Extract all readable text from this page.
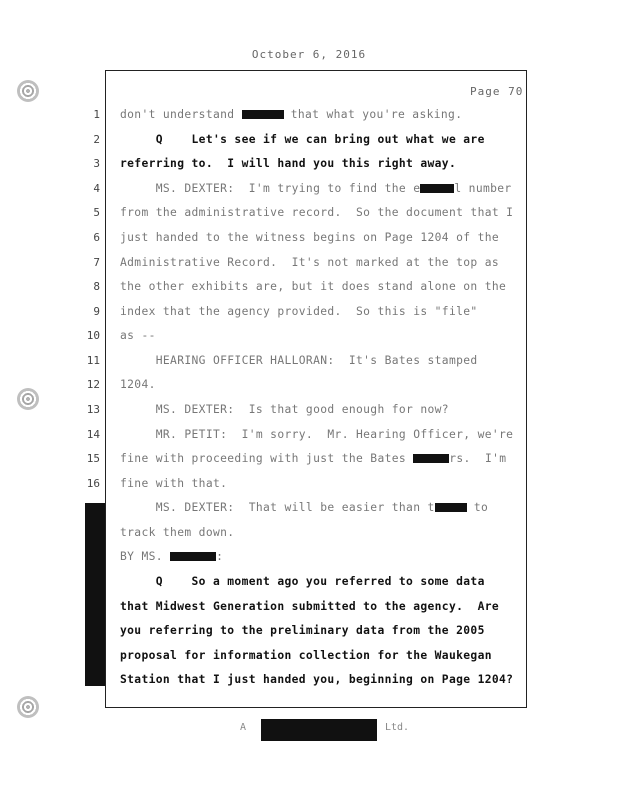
October 6, 2016
Page 70
1
2
3
4
5
6
7
8
9
10
11
12
13
14
15
16
don't understand	that what you're asking.
Q    Let's see if we can bring out what we are
referring to.  I will hand you this right away.
MS. DEXTER:  I'm trying to find the e	l number
from the administrative record.  So the document that I
just handed to the witness begins on Page 1204 of the
Administrative Record.  It's not marked at the top as
the other exhibits are, but it does stand alone on the
index that the agency provided.  So this is "file"
as --
HEARING OFFICER HALLORAN:  It's Bates stamped
1204.
MS. DEXTER:  Is that good enough for now?
MR. PETIT:  I'm sorry.  Mr. Hearing Officer, we're
fine with proceeding with just the Bates	rs.  I'm
fine with that.
MS. DEXTER:  That will be easier than t	to
track them down.
BY MS.	:
Q    So a moment ago you referred to some data
that Midwest Generation submitted to the agency.  Are
you referring to the preliminary data from the 2005
proposal for information collection for the Waukegan
Station that I just handed you, beginning on Page 1204?
A	Ltd.
